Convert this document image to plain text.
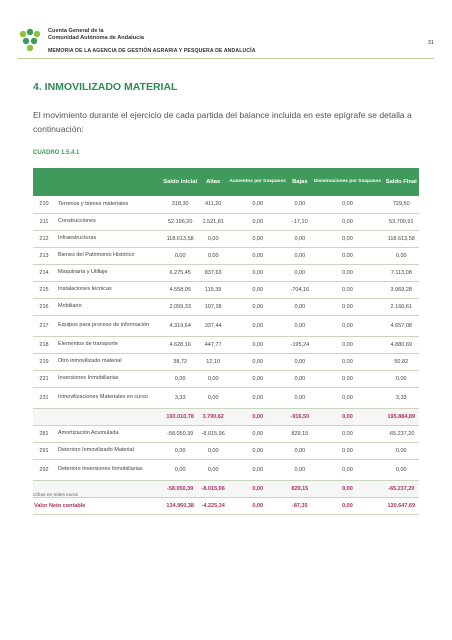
Cuenta General de la
Comunidad Autónoma de Andalucía
31
MEMORIA DE LA AGENCIA DE GESTIÓN AGRARIA Y PESQUERA DE ANDALUCÍA
4. INMOVILIZADO MATERIAL
El movimiento durante el ejercicio de cada partida del balance incluida en este epígrafe se detalla a continuación:
CUADRO 1.5.4.1
		Saldo Inicial	Altas	Aumentos por traspasos	Bajas	Disminuciones por traspasos	Saldo Final
210	Terrenos y bienes materiales	318,30	411,20	0,00	0,00	0,00	729,50
211	Construcciones	52.196,20	1.521,81	0,00	-17,10	0,00	53.700,91
212	Infraestructuras	118.613,58	0,00	0,00	0,00	0,00	118.613,58
213	Bienes del Patrimonio Histórico	0,00	0,00	0,00	0,00	0,00	0,00
214	Maquinaria y Utillaje	6.275,45	837,63	0,00	0,00	0,00	7.113,08
215	Instalaciones técnicas	4.558,05	115,39	0,00	-704,16	0,00	3.969,28
216	Mobiliario	2.059,33	107,28	0,00	0,00	0,00	2.166,61
217	Equipos para proceso de información	4.319,64	337,44	0,00	0,00	0,00	4.657,08
218	Elementos de transporte	4.628,16	447,77	0,00	-195,24	0,00	4.880,69
219	Otro inmovilizado material	38,72	12,10	0,00	0,00	0,00	50,82
221	Inversiones Inmobiliarias	0,00	0,00	0,00	0,00	0,00	0,00
231	Inmovilizaciones Materiales en curso	3,33	0,00	0,00	0,00	0,00	3,33
		193.010,78	3.790,62	0,00	-916,50	0,00	195.884,89
281	Amortización Acumulada	-58.050,39	-8.015,96	0,00	829,15	0,00	-65.237,20
291	Deterioro Inmovilizado Material	0,00	0,00	0,00	0,00	0,00	0,00
292	Deterioro Inversiones Inmobiliarias	0,00	0,00	0,00	0,00	0,00	0,00
		-58.050,39	-8.015,96	0,00	829,15	0,00	-65.237,20
Valor Neto contable		134.960,38	-4.225,34	0,00	-87,35	0,00	130.647,69
Cifras en miles euros
